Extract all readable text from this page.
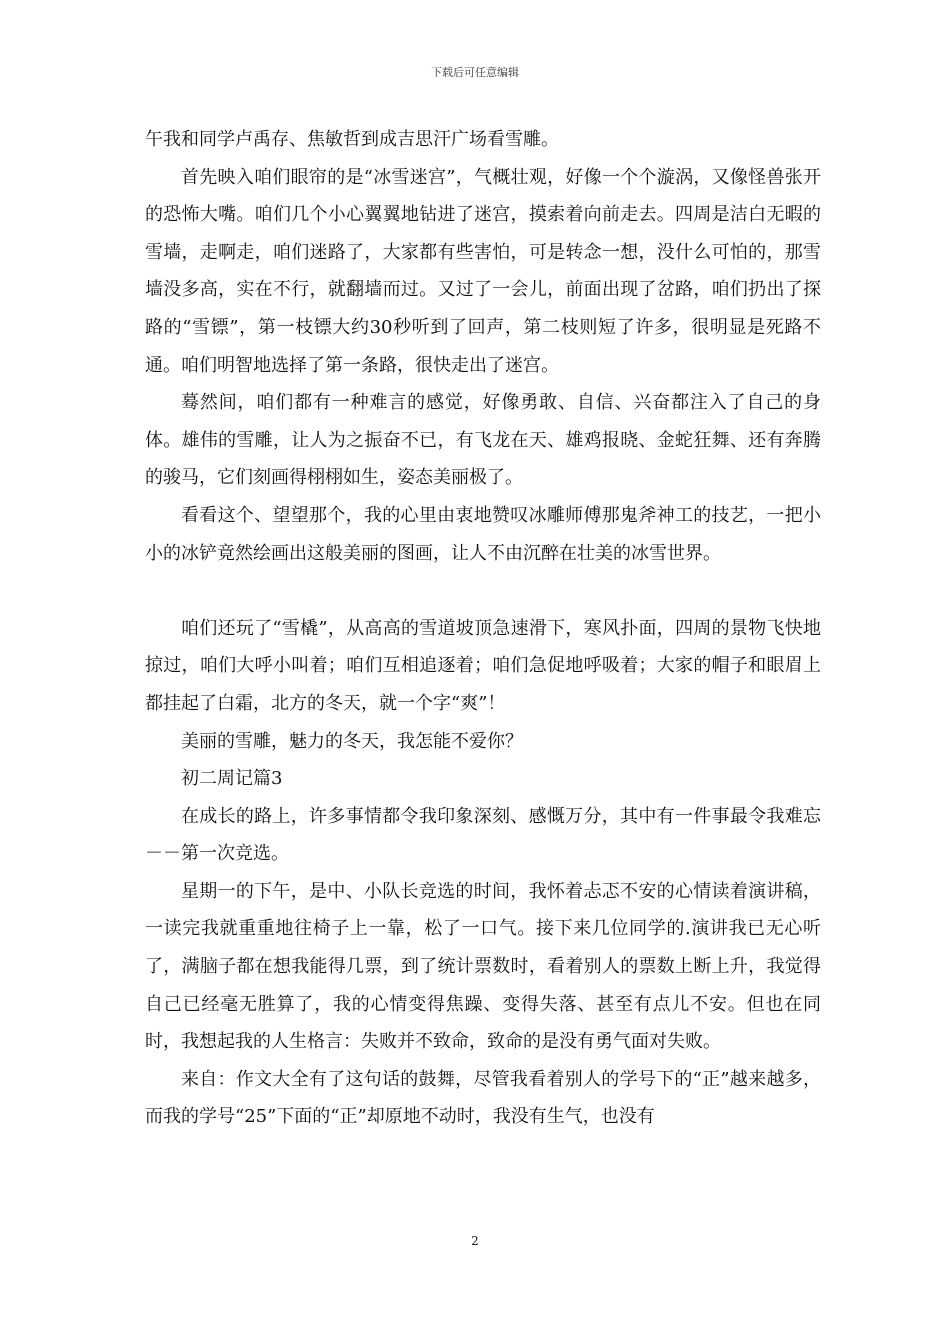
下载后可任意编辑

午我和同学卢禹存、焦敏哲到成吉思汗广场看雪雕。

首先映入咱们眼帘的是“冰雪迷宫”，气概壮观，好像一个个漩涡，又像怪兽张开的恐怖大嘴。咱们几个小心翼翼地钻进了迷宫，摸索着向前走去。四周是洁白无暇的雪墙，走啊走，咱们迷路了，大家都有些害怕，可是转念一想，没什么可怕的，那雪墙没多高，实在不行，就翻墙而过。又过了一会儿，前面出现了岔路，咱们扔出了探路的“雪镖”，第一枝镖大约30秒听到了回声，第二枝则短了许多，很明显是死路不通。咱们明智地选择了第一条路，很快走出了迷宫。

蓦然间，咱们都有一种难言的感觉，好像勇敢、自信、兴奋都注入了自己的身体。雄伟的雪雕，让人为之振奋不已，有飞龙在天、雄鸡报晓、金蛇狂舞、还有奔腾的骏马，它们刻画得栩栩如生，姿态美丽极了。

看看这个、望望那个，我的心里由衷地赞叹冰雕师傅那鬼斧神工的技艺，一把小小的冰铲竟然绘画出这般美丽的图画，让人不由沉醉在壮美的冰雪世界。

咱们还玩了“雪橇”，从高高的雪道坡顶急速滑下，寒风扑面，四周的景物飞快地掠过，咱们大呼小叫着；咱们互相追逐着；咱们急促地呼吸着；大家的帽子和眼眉上都挂起了白霜，北方的冬天，就一个字“爽”！

美丽的雪雕，魅力的冬天，我怎能不爱你？

初二周记篇3

在成长的路上，许多事情都令我印象深刻、感慨万分，其中有一件事最令我难忘－－第一次竞选。

星期一的下午，是中、小队长竞选的时间，我怀着忐忑不安的心情读着演讲稿，一读完我就重重地往椅子上一靠，松了一口气。接下来几位同学的.演讲我已无心听了，满脑子都在想我能得几票，到了统计票数时，看着别人的票数上断上升，我觉得自己已经毫无胜算了，我的心情变得焦躁、变得失落、甚至有点儿不安。但也在同时，我想起我的人生格言：失败并不致命，致命的是没有勇气面对失败。

来自：作文大全有了这句话的鼓舞，尽管我看着别人的学号下的“正”越来越多，而我的学号“25”下面的“正”却原地不动时，我没有生气，也没有

2
